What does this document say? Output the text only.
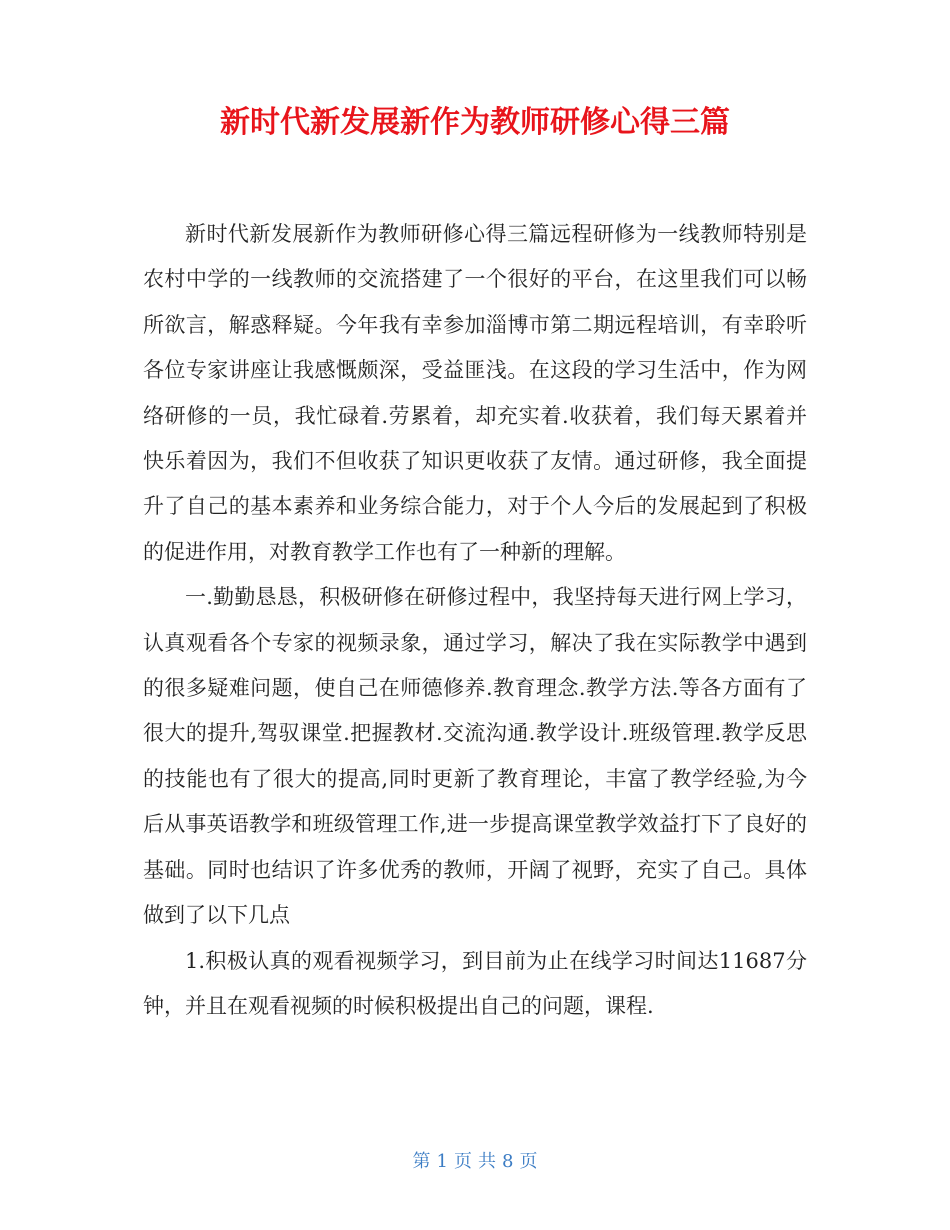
新时代新发展新作为教师研修心得三篇

新时代新发展新作为教师研修心得三篇远程研修为一线教师特别是农村中学的一线教师的交流搭建了一个很好的平台，在这里我们可以畅所欲言，解惑释疑。今年我有幸参加淄博市第二期远程培训，有幸聆听各位专家讲座让我感慨颇深，受益匪浅。在这段的学习生活中，作为网络研修的一员，我忙碌着.劳累着，却充实着.收获着，我们每天累着并快乐着因为，我们不但收获了知识更收获了友情。通过研修，我全面提升了自己的基本素养和业务综合能力，对于个人今后的发展起到了积极的促进作用，对教育教学工作也有了一种新的理解。

一.勤勤恳恳，积极研修在研修过程中，我坚持每天进行网上学习，认真观看各个专家的视频录象，通过学习，解决了我在实际教学中遇到的很多疑难问题，使自己在师德修养.教育理念.教学方法.等各方面有了很大的提升,驾驭课堂.把握教材.交流沟通.教学设计.班级管理.教学反思的技能也有了很大的提高,同时更新了教育理论，丰富了教学经验,为今后从事英语教学和班级管理工作,进一步提高课堂教学效益打下了良好的基础。同时也结识了许多优秀的教师，开阔了视野，充实了自己。具体做到了以下几点

1.积极认真的观看视频学习，到目前为止在线学习时间达11687分钟，并且在观看视频的时候积极提出自己的问题，课程.

第 1 页 共 8 页
